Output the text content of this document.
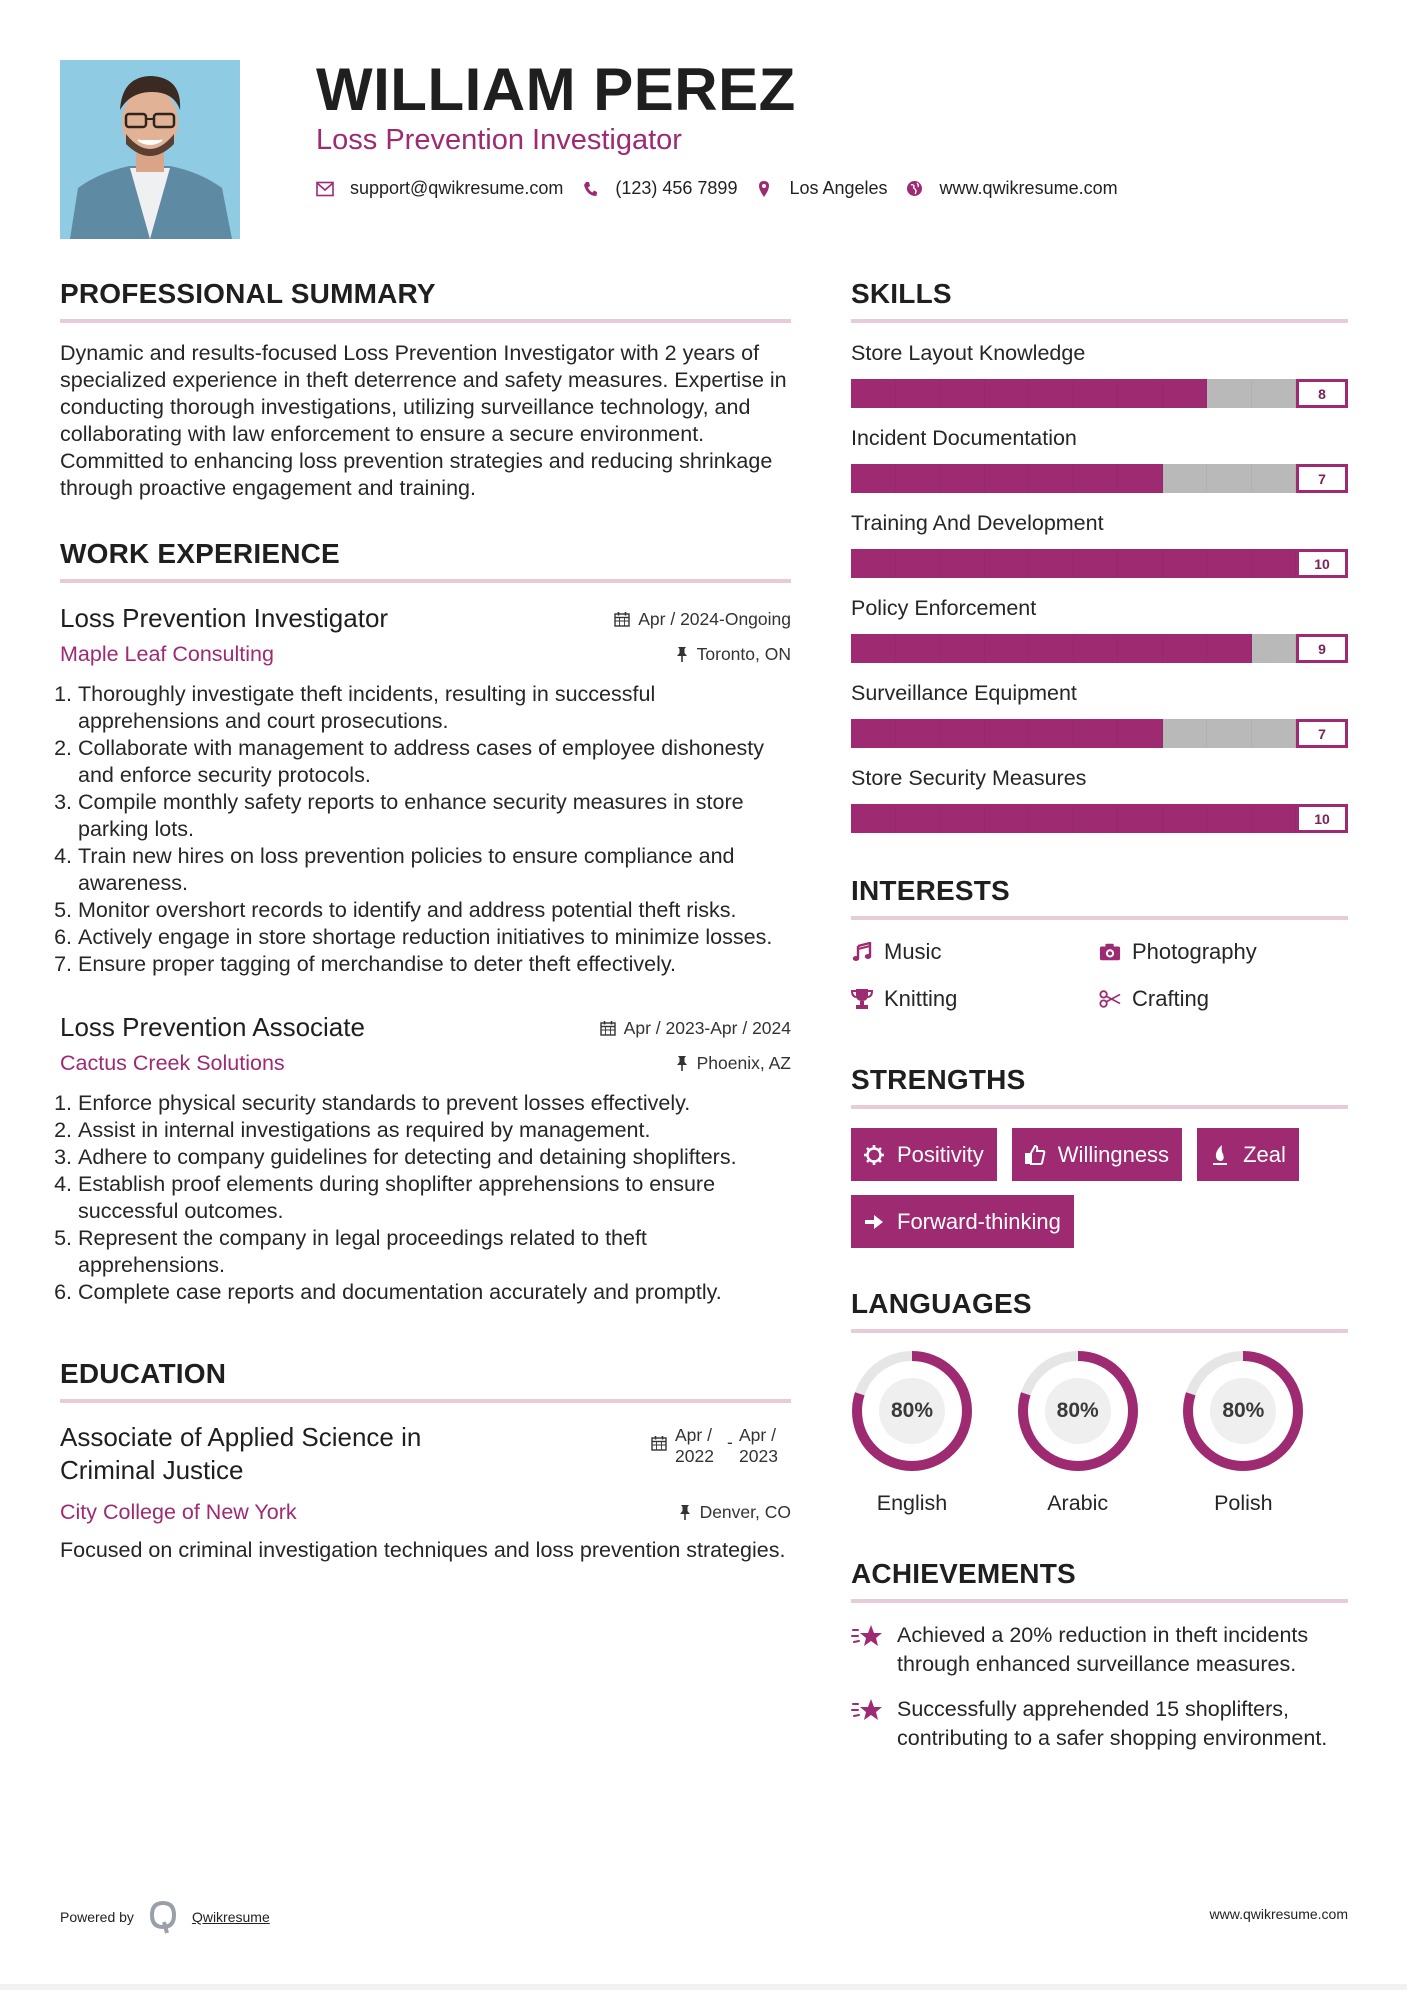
WILLIAM PEREZ
Loss Prevention Investigator
support@qwikresume.com	(123) 456 7899	Los Angeles	www.qwikresume.com
PROFESSIONAL SUMMARY

Dynamic and results-focused Loss Prevention Investigator with 2 years of specialized experience in theft deterrence and safety measures. Expertise in conducting thorough investigations, utilizing surveillance technology, and collaborating with law enforcement to ensure a secure environment. Committed to enhancing loss prevention strategies and reducing shrinkage through proactive engagement and training.

WORK EXPERIENCE
Loss Prevention Investigator	Apr / 2024-Ongoing
Maple Leaf Consulting	Toronto, ON
1. Thoroughly investigate theft incidents, resulting in successful apprehensions and court prosecutions.
2. Collaborate with management to address cases of employee dishonesty and enforce security protocols.
3. Compile monthly safety reports to enhance security measures in store parking lots.
4. Train new hires on loss prevention policies to ensure compliance and awareness.
5. Monitor overshort records to identify and address potential theft risks.
6. Actively engage in store shortage reduction initiatives to minimize losses.
7. Ensure proper tagging of merchandise to deter theft effectively.
Loss Prevention Associate	Apr / 2023-Apr / 2024
Cactus Creek Solutions	Phoenix, AZ
1. Enforce physical security standards to prevent losses effectively.
2. Assist in internal investigations as required by management.
3. Adhere to company guidelines for detecting and detaining shoplifters.
4. Establish proof elements during shoplifter apprehensions to ensure successful outcomes.
5. Represent the company in legal proceedings related to theft apprehensions.
6. Complete case reports and documentation accurately and promptly.
EDUCATION
Associate of Applied Science in Criminal Justice
Apr / 2022
- Apr / 2023
City College of New York	Denver, CO

Focused on criminal investigation techniques and loss prevention strategies.

SKILLS
Store Layout Knowledge
8
Incident Documentation
7
Training And Development
10
Policy Enforcement
9
Surveillance Equipment
7
Store Security Measures
10
INTERESTS
Music	Photography
Knitting	Crafting
STRENGTHS
Positivity	Willingness	Zeal
Forward-thinking
LANGUAGES
80%
English
80%
Arabic
80%
Polish
ACHIEVEMENTS

Achieved a 20% reduction in theft incidents through enhanced surveillance measures.

Successfully apprehended 15 shoplifters, contributing to a safer shopping environment.

Powered by	Qwikresume	www.qwikresume.com
